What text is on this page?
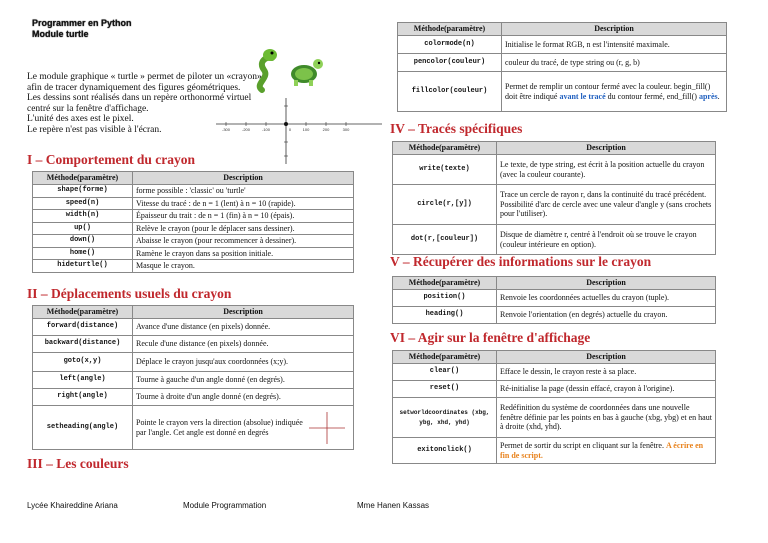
Programmer en Python
Module turtle

Le module graphique « turtle » permet de piloter un «crayon» afin de tracer dynamiquement des figures géométriques.

Les dessins sont réalisés dans un repère orthonormé virtuel centré sur la fenêtre d'affichage.

L'unité des axes est le pixel.

Le repère n'est pas visible à l'écran.	-300	-200	-100	0	100	200	300
I – Comportement du crayon
Méthode(paramètre)	Description
shape(forme)	forme possible : 'classic' ou 'turtle'
speed(n)	Vitesse du tracé : de n = 1 (lent) à n = 10 (rapide).
width(n)	Épaisseur du trait : de n = 1 (fin) à n = 10 (épais).
up()	Relève le crayon (pour le déplacer sans dessiner).
down()	Abaisse le crayon (pour recommencer à dessiner).
home()	Ramène le crayon dans sa position initiale.
hideturtle()	Masque le crayon.
II – Déplacements usuels du crayon
Méthode(paramètre)	Description
forward(distance)	Avance d'une distance (en pixels) donnée.
backward(distance)	Recule d'une distance (en pixels) donnée.
goto(x,y)	Déplace le crayon jusqu'aux coordonnées (x;y).
left(angle)	Tourne à gauche d'un angle donné (en degrés).
right(angle)	Tourne à droite d'un angle donné (en degrés).
setheading(angle)	Pointe le crayon vers la direction (absolue) indiquée par l'angle. Cet angle est donné en degrés
III – Les couleurs
Méthode(paramètre)	Description
colormode(n)	Initialise le format RGB, n est l'intensité maximale.
pencolor(couleur)	couleur du tracé, de type string ou (r, g, b)
fillcolor(couleur)	Permet de remplir un contour fermé avec la couleur. begin_fill() doit être indiqué avant le tracé du contour fermé, end_fill() après.
IV – Tracés spécifiques
Méthode(paramètre)	Description
write(texte)	Le texte, de type string, est écrit à la position actuelle du crayon (avec la couleur courante).
circle(r,[y])	Trace un cercle de rayon r, dans la continuité du tracé précédent. Possibilité d'arc de cercle avec une valeur d'angle y (sans crochets pour l'utiliser).
dot(r,[couleur])	Disque de diamètre r, centré à l'endroit où se trouve le crayon (couleur intérieure en option).
V – Récupérer des informations sur le crayon
Méthode(paramètre)	Description
position()	Renvoie les coordonnées actuelles du crayon (tuple).
heading()	Renvoie l'orientation (en degrés) actuelle du crayon.
VI – Agir sur la fenêtre d'affichage
Méthode(paramètre)	Description
clear()	Efface le dessin, le crayon reste à sa place.
reset()	Ré-initialise la page (dessin effacé, crayon à l'origine).
setworldcoordinates (xbg, ybg, xhd, yhd)	Redéfinition du système de coordonnées dans une nouvelle fenêtre définie par les points en bas à gauche (xbg, ybg) et en haut à droite (xhd, yhd).
exitonclick()	Permet de sortir du script en cliquant sur la fenêtre. A écrire en fin de script.
Lycée Khaireddine Ariana	Module Programmation	Mme Hanen Kassas
